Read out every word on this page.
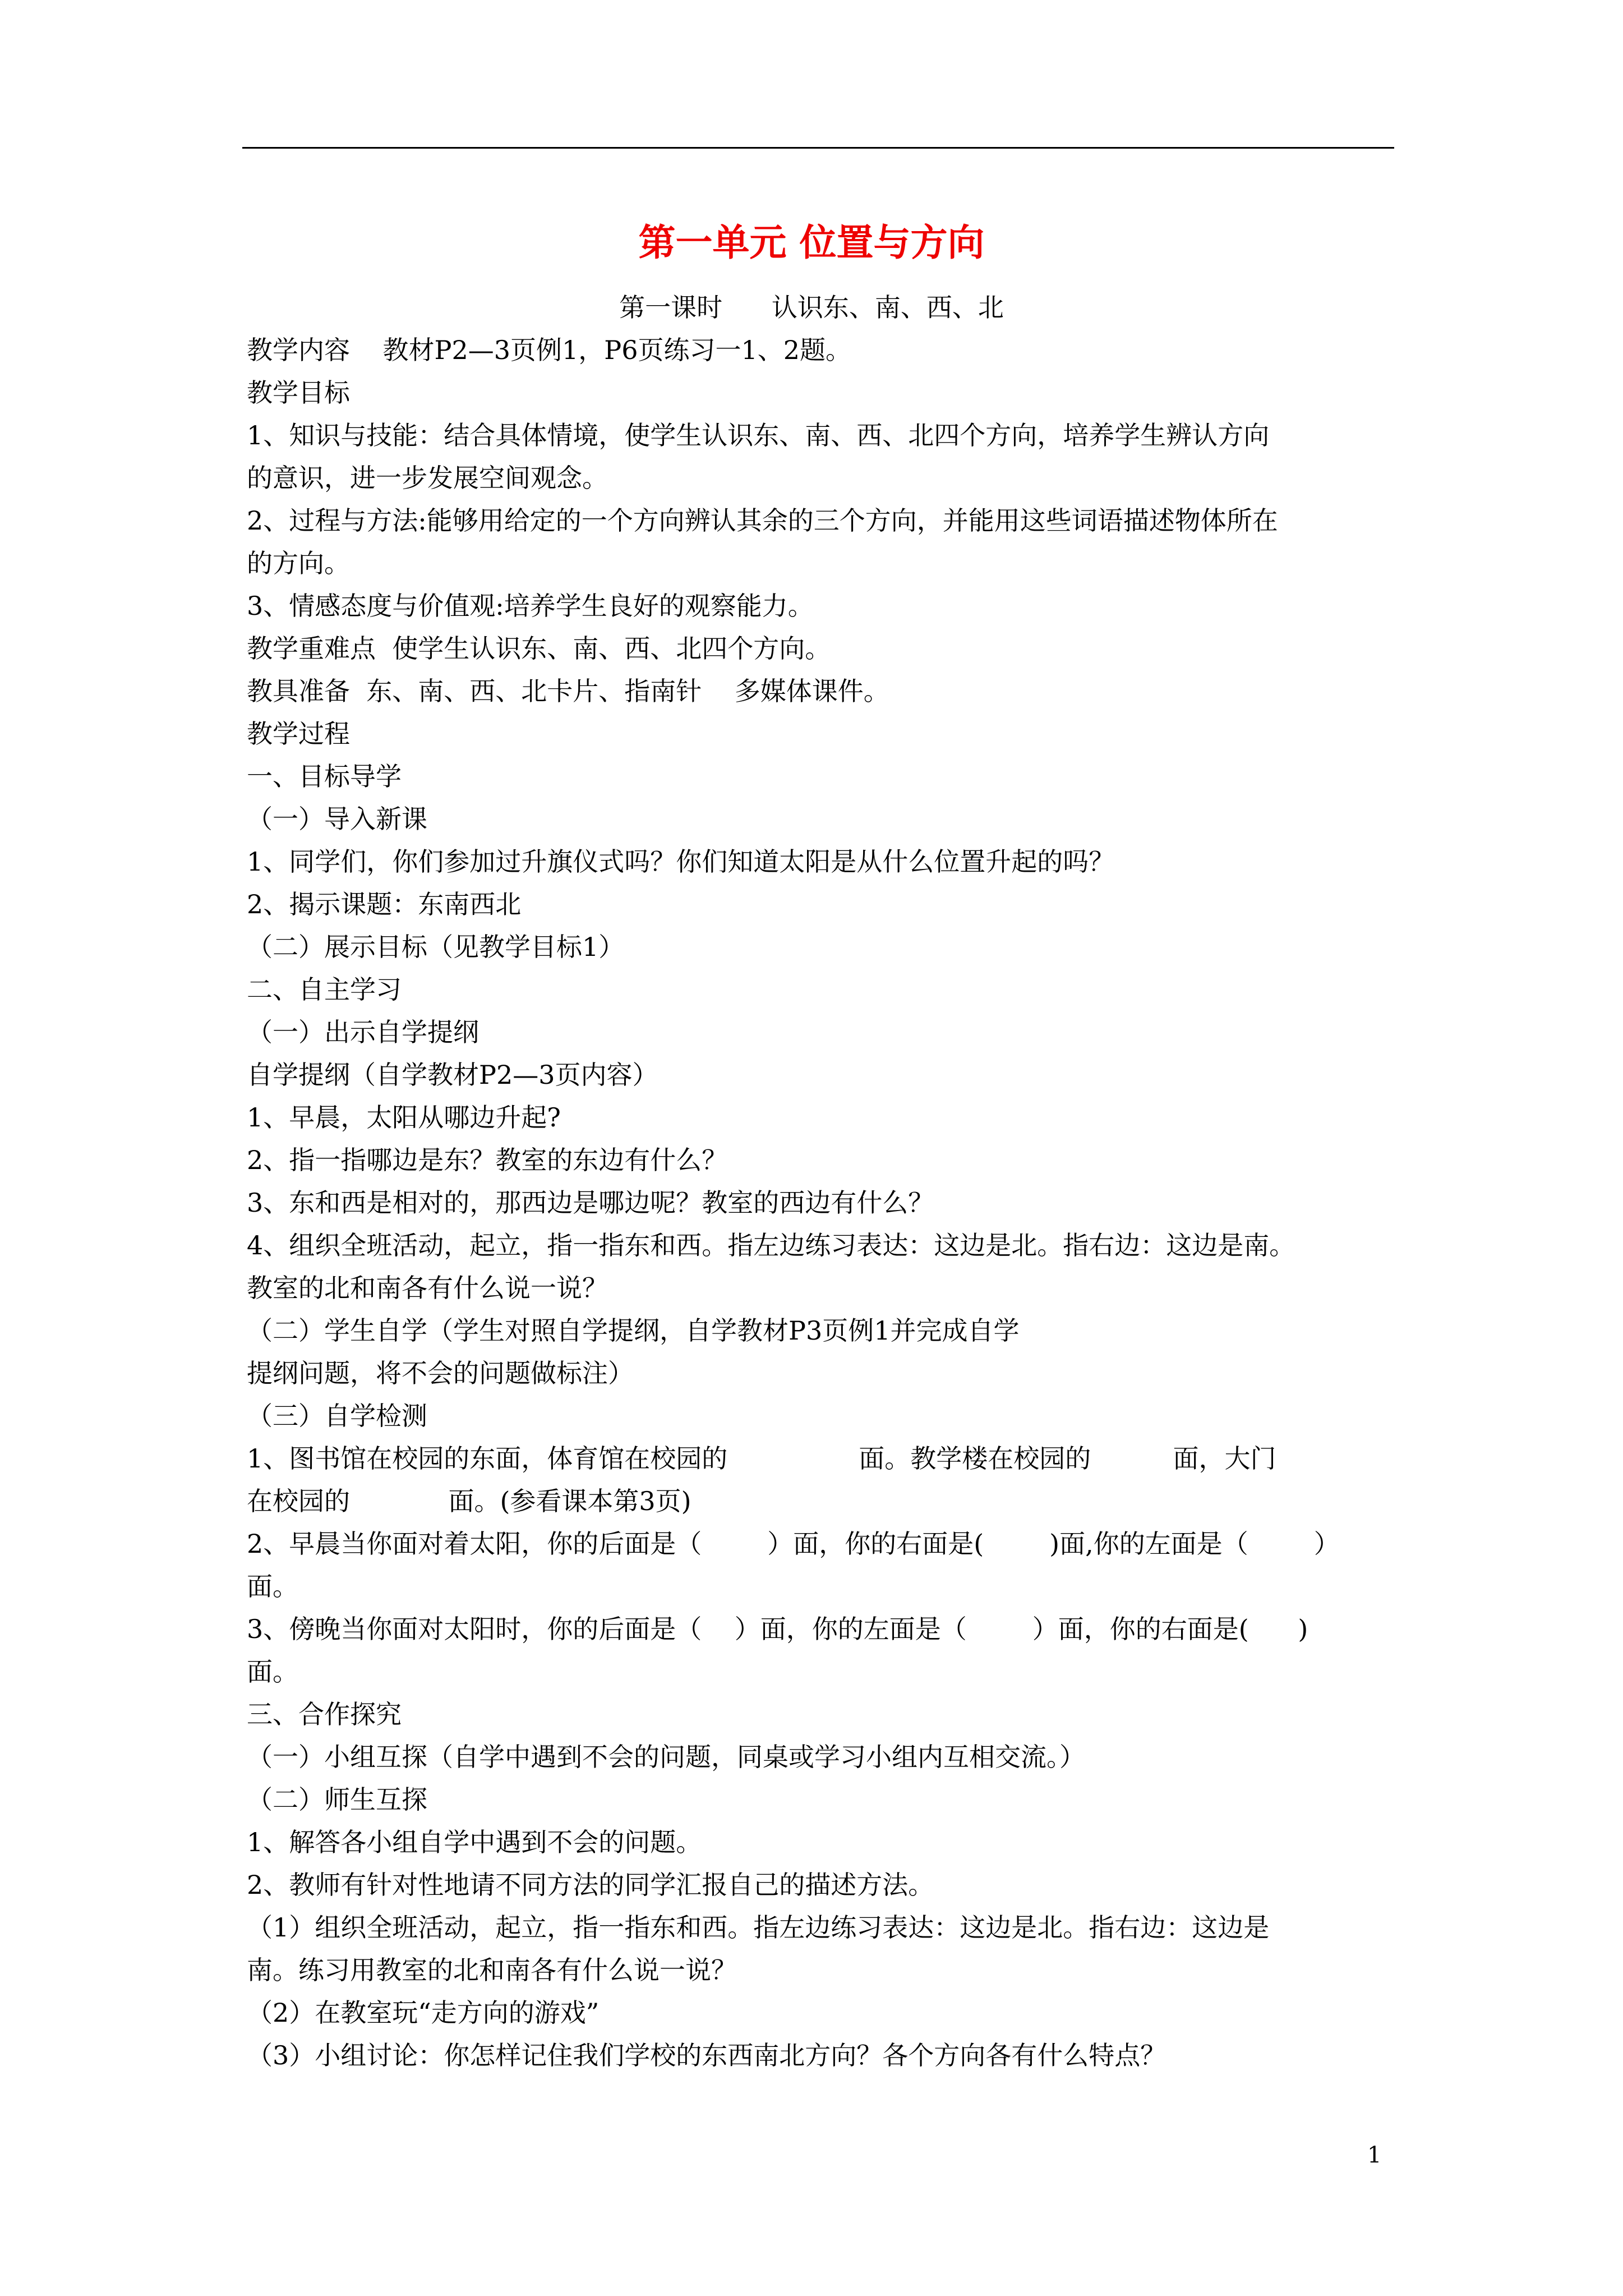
第一单元 位置与方向
第一课时      认识东、南、西、北
教学内容    教材P2—3页例1，P6页练习一1、2题。
教学目标
1、知识与技能：结合具体情境，使学生认识东、南、西、北四个方向，培养学生辨认方向
的意识，进一步发展空间观念。
2、过程与方法:能够用给定的一个方向辨认其余的三个方向，并能用这些词语描述物体所在
的方向。
3、情感态度与价值观:培养学生良好的观察能力。
教学重难点  使学生认识东、南、西、北四个方向。
教具准备  东、南、西、北卡片、指南针    多媒体课件。
教学过程
一、目标导学
（一）导入新课
1、同学们，你们参加过升旗仪式吗？你们知道太阳是从什么位置升起的吗？
2、揭示课题：东南西北
（二）展示目标（见教学目标1）
二、自主学习
（一）出示自学提纲
自学提纲（自学教材P2—3页内容）
1、早晨，太阳从哪边升起?
2、指一指哪边是东？教室的东边有什么？
3、东和西是相对的，那西边是哪边呢？教室的西边有什么？
4、组织全班活动，起立，指一指东和西。指左边练习表达：这边是北。指右边：这边是南。
教室的北和南各有什么说一说？
（二）学生自学（学生对照自学提纲，自学教材P3页例1并完成自学
提纲问题，将不会的问题做标注）
（三）自学检测
1、图书馆在校园的东面，体育馆在校园的                面。教学楼在校园的          面，大门
在校园的            面。(参看课本第3页)
2、早晨当你面对着太阳，你的后面是（        ）面，你的右面是(        )面,你的左面是（        ）
面。
3、傍晚当你面对太阳时，你的后面是（    ）面，你的左面是（        ）面，你的右面是(      )
面。
三、合作探究
（一）小组互探（自学中遇到不会的问题，同桌或学习小组内互相交流。）
（二）师生互探
1、解答各小组自学中遇到不会的问题。
2、教师有针对性地请不同方法的同学汇报自己的描述方法。
（1）组织全班活动，起立，指一指东和西。指左边练习表达：这边是北。指右边：这边是
南。练习用教室的北和南各有什么说一说？
（2）在教室玩“走方向的游戏”
（3）小组讨论：你怎样记住我们学校的东西南北方向？各个方向各有什么特点？
1
